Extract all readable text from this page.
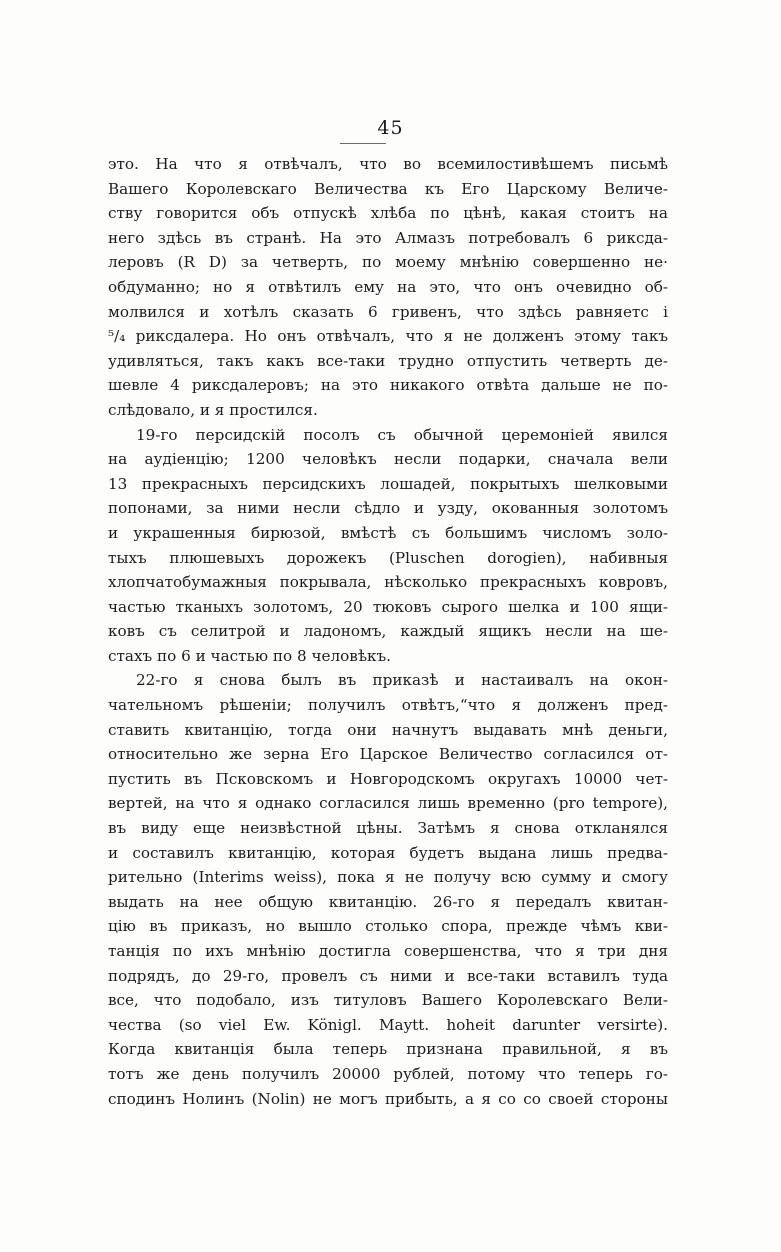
45
это. На что я отвѣчалъ, что во всемилостивѣшемъ письмѣ
Вашего Королевскаго Величества къ Его Царскому Величе-
ству говорится объ отпускѣ хлѣба по цѣнѣ, какая стоитъ на
него здѣсь въ странѣ. На это Алмазъ потребовалъ 6 риксда-
леровъ (R D) за четверть, по моему мнѣнію совершенно не·
обдуманно; но я отвѣтилъ ему на это, что онъ очевидно об-
молвился и хотѣлъ сказать 6 гривенъ, что здѣсь равняетс і
⁵/₄ риксдалера. Но онъ отвѣчалъ, что я не долженъ этому такъ
удивляться, такъ какъ все-таки трудно отпустить четверть де-
шевле 4 риксдалеровъ; на это никакого отвѣта дальше не по-
слѣдовало, и я простился.
19-го персидскій посолъ съ обычной церемоніей явился
на аудіенцію; 1200 человѣкъ несли подарки, сначала вели
13 прекрасныхъ персидскихъ лошадей, покрытыхъ шелковыми
попонами, за ними несли сѣдло и узду, окованныя золотомъ
и украшенныя бирюзой, вмѣстѣ съ большимъ числомъ золо-
тыхъ плюшевыхъ дорожекъ (Pluschen dorogien), набивныя
хлопчатобумажныя покрывала, нѣсколько прекрасныхъ ковровъ,
частью тканыхъ золотомъ, 20 тюковъ сырого шелка и 100 ящи-
ковъ съ селитрой и ладономъ, каждый ящикъ несли на ше-
стахъ по 6 и частью по 8 человѣкъ.
22-го я снова былъ въ приказѣ и настаивалъ на окон-
чательномъ рѣшеніи; получилъ отвѣтъ,“что я долженъ пред-
ставить квитанцію, тогда они начнутъ выдавать мнѣ деньги,
относительно же зерна Его Царское Величество согласился от-
пустить въ Псковскомъ и Новгородскомъ округахъ 10000 чет-
вертей, на что я однако согласился лишь временно (pro tempore),
въ виду еще неизвѣстной цѣны. Затѣмъ я снова откланялся
и составилъ квитанцію, которая будетъ выдана лишь предва-
рительно (Interims weiss), пока я не получу всю сумму и смогу
выдать на нее общую квитанцію. 26-го я передалъ квитан-
цію въ приказъ, но вышло столько спора, прежде чѣмъ кви-
танція по ихъ мнѣнію достигла совершенства, что я три дня
подрядъ, до 29-го, провелъ съ ними и все-таки вставилъ туда
все, что подобало, изъ титуловъ Вашего Королевскаго Вели-
чества (so viel Ew. Königl. Maytt. hoheit darunter versirte).
Когда квитанція была теперь признана правильной, я въ
тотъ же день получилъ 20000 рублей, потому что теперь го-
сподинъ Нолинъ (Nolin) не могъ прибыть, а я со со своей стороны
